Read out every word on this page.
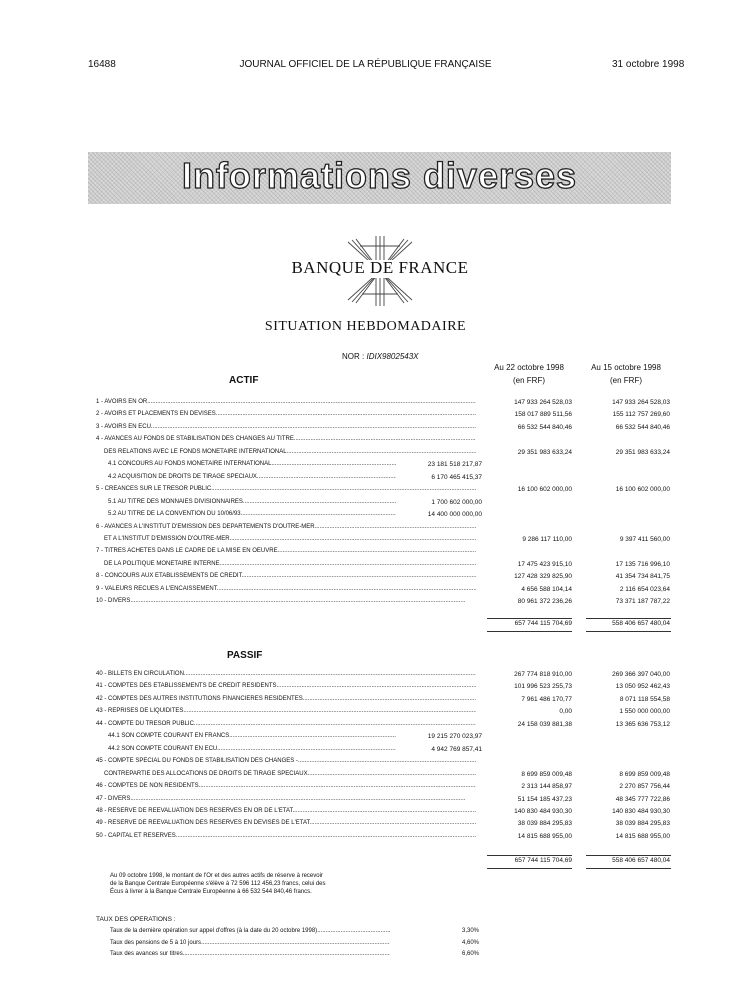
16488	JOURNAL OFFICIEL DE LA RÉPUBLIQUE FRANÇAISE	31 octobre 1998
Informations diverses
BANQUE DE FRANCE
SITUATION HEBDOMADAIRE
NOR : IDIX9802543X
Au 22 octobre 1998
(en FRF)
Au 15 octobre 1998
(en FRF)
ACTIF
1 - AVOIRS EN OR .....	147 933 264 528,03	147 933 264 528,03
2 - AVOIRS ET PLACEMENTS EN DEVISES .....	158 017 889 511,56	155 112 757 269,60
3 - AVOIRS EN ECU .....	66 532 544 840,46	66 532 544 840,46
4 - AVANCES AU FONDS DE STABILISATION DES CHANGES AU TITRE .....
DES RELATIONS AVEC LE FONDS MONETAIRE INTERNATIONAL .....	29 351 983 633,24	29 351 983 633,24
4.1 CONCOURS AU FONDS MONETAIRE INTERNATIONAL .....	23 181 518 217,87
4.2 ACQUISITION DE DROITS DE TIRAGE SPECIAUX .....	6 170 465 415,37
5 - CREANCES SUR LE TRESOR PUBLIC .....	16 100 602 000,00	16 100 602 000,00
5.1 AU TITRE DES MONNAIES DIVISIONNAIRES .....	1 700 602 000,00
5.2 AU TITRE DE LA CONVENTION DU 10/06/93 .....	14 400 000 000,00
6 - AVANCES A L'INSTITUT D'EMISSION DES DEPARTEMENTS D'OUTRE-MER .....
ET A L'INSTITUT D'EMISSION D'OUTRE-MER .....	9 286 117 110,00	9 397 411 560,00
7 - TITRES ACHETES DANS LE CADRE DE LA MISE EN OEUVRE .....
DE LA POLITIQUE MONETAIRE INTERNE .....	17 475 423 915,10	17 135 716 996,10
8 - CONCOURS AUX ETABLISSEMENTS DE CREDIT .....	127 428 329 825,90	41 354 734 841,75
9 - VALEURS RECUES A L'ENCAISSEMENT .....	4 656 588 104,14	2 116 654 023,64
10 - DIVERS .....	80 961 372 236,26	73 371 187 787,22
657 744 115 704,69	558 406 657 480,04
PASSIF
40 - BILLETS EN CIRCULATION .....	267 774 818 910,00	269 366 397 040,00
41 - COMPTES DES ETABLISSEMENTS DE CREDIT RESIDENTS .....	101 996 523 255,73	13 050 952 462,43
42 - COMPTES DES AUTRES INSTITUTIONS FINANCIERES RESIDENTES .....	7 961 486 170,77	8 071 118 554,58
43 - REPRISES DE LIQUIDITES .....	0,00	1 550 000 000,00
44 - COMPTE DU TRESOR PUBLIC .....	24 158 039 881,38	13 365 636 753,12
44.1 SON COMPTE COURANT EN FRANCS .....	19 215 270 023,97
44.2 SON COMPTE COURANT EN ECU .....	4 942 769 857,41
45 - COMPTE SPECIAL DU FONDS DE STABILISATION DES CHANGES - .....
CONTREPARTIE DES ALLOCATIONS DE DROITS DE TIRAGE SPECIAUX .....	8 699 859 009,48	8 699 859 009,48
46 - COMPTES DE NON RESIDENTS .....	2 313 144 858,97	2 270 857 756,44
47 - DIVERS .....	51 154 185 437,23	48 345 777 722,86
48 - RESERVE DE REEVALUATION DES RESERVES EN OR DE L'ETAT .....	140 830 484 930,30	140 830 484 930,30
49 - RESERVE DE REEVALUATION DES RESERVES EN DEVISES DE L'ETAT .....	38 039 884 295,83	38 039 884 295,83
50 - CAPITAL ET RESERVES .....	14 815 688 955,00	14 815 688 955,00
657 744 115 704,69	558 406 657 480,04
Au 09 octobre 1998, le montant de l'Or et des autres actifs de réserve à recevoir
de la Banque Centrale Européenne s'élève à 72 596 112 456,23 francs, celui des
Écus à livrer à la Banque Centrale Européenne à 66 532 544 840,46 francs.
TAUX DES OPERATIONS :
Taux de la dernière opération sur appel d'offres (à la date du 20 octobre 1998) .....	3,30%
Taux des pensions de 5 à 10 jours .....	4,60%
Taux des avances sur titres .....	6,60%
